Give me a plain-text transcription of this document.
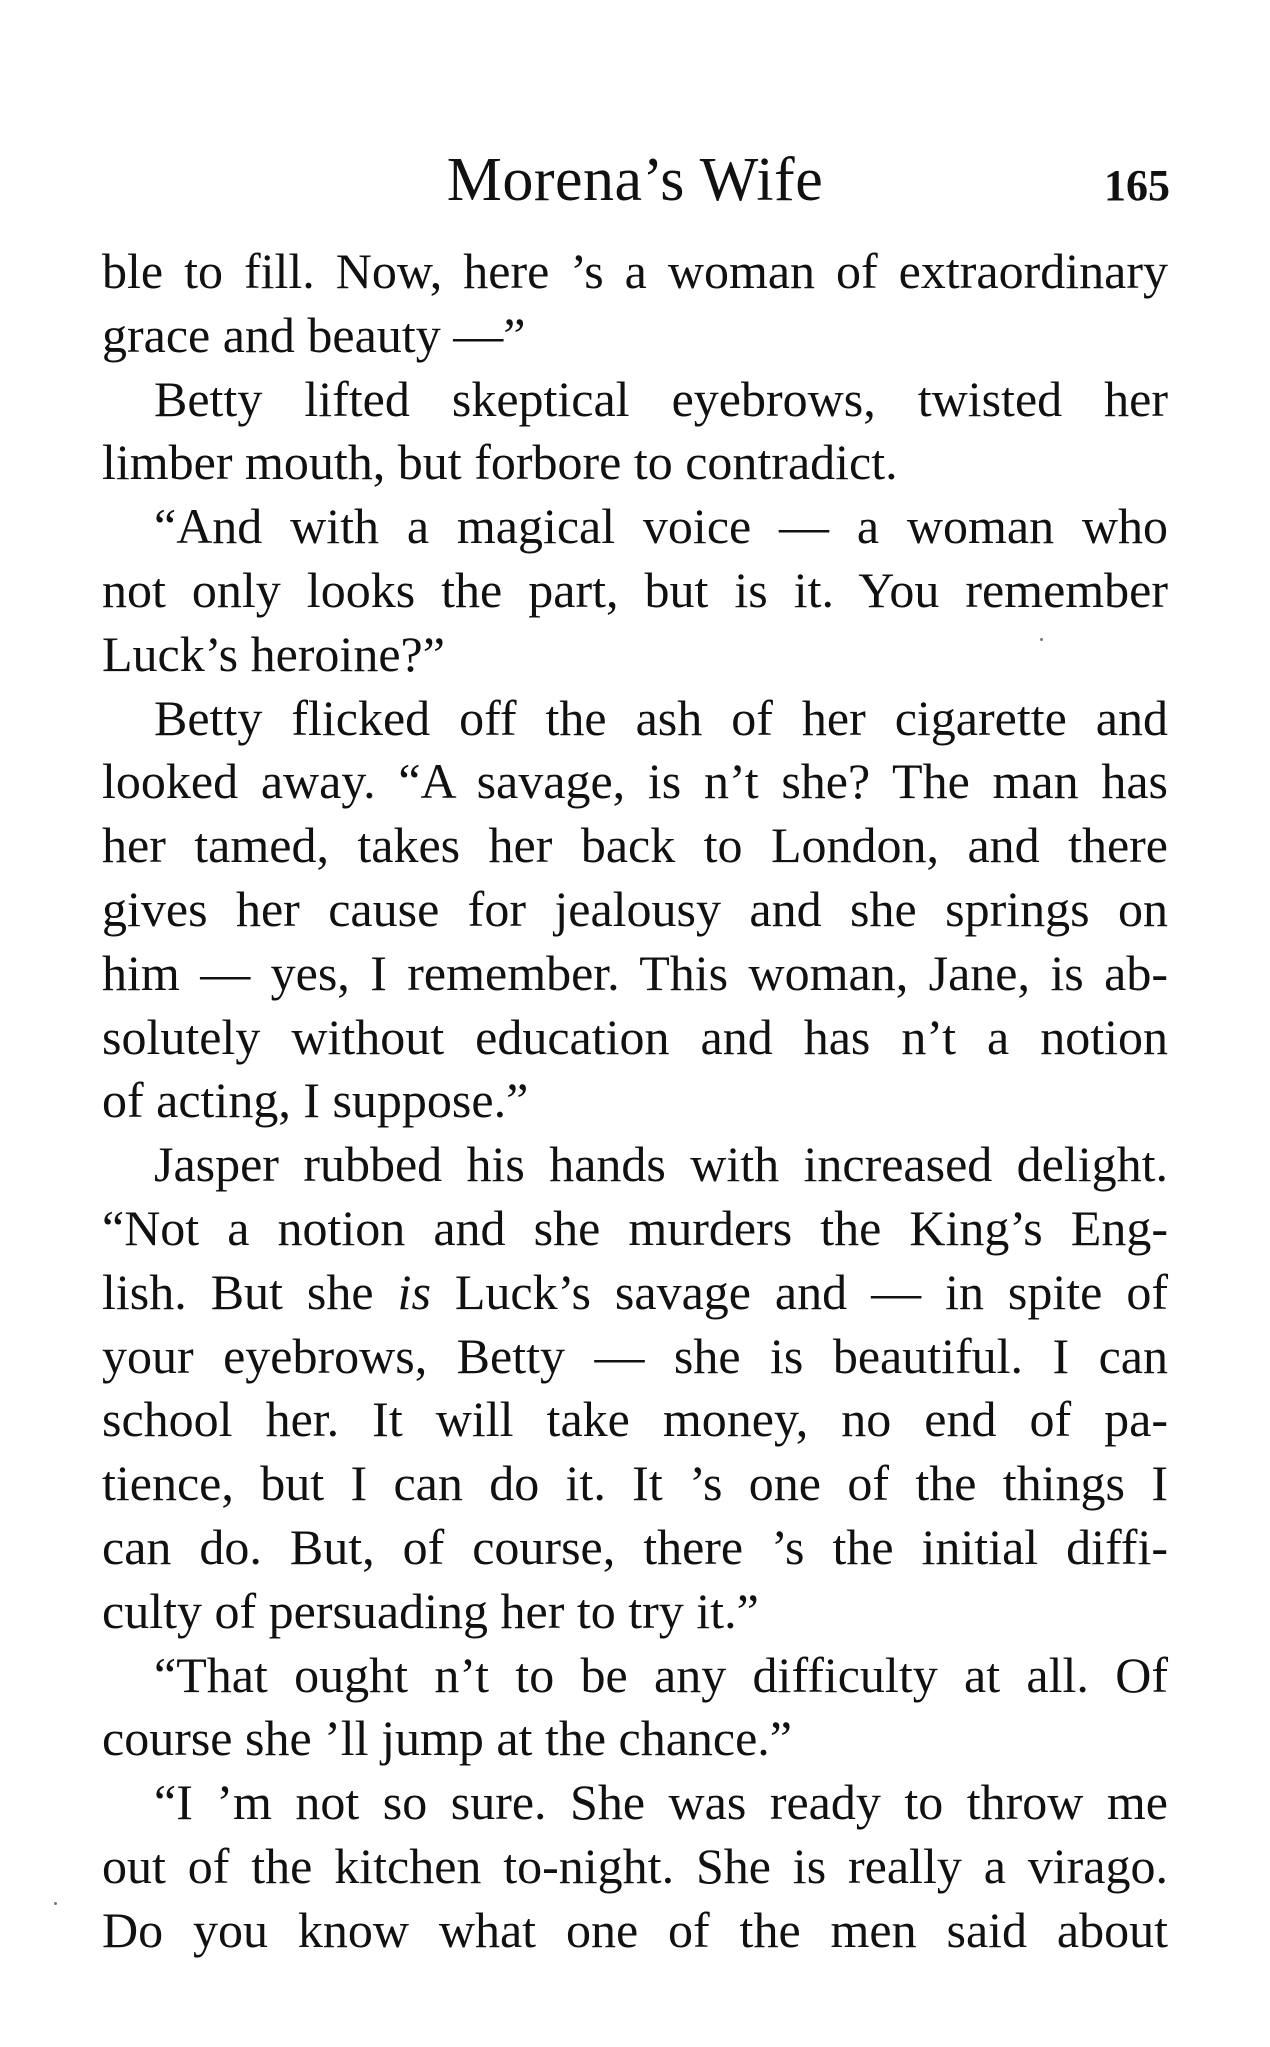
Morena’s Wife	165
ble to fill. Now, here ’s a woman of extraordinary
grace and beauty —”
Betty lifted skeptical eyebrows, twisted her
limber mouth, but forbore to contradict.
“And with a magical voice — a woman who
not only looks the part, but is it. You remember
Luck’s heroine?”
Betty flicked off the ash of her cigarette and
looked away. “A savage, is n’t she? The man has
her tamed, takes her back to London, and there
gives her cause for jealousy and she springs on
him — yes, I remember. This woman, Jane, is ab-
solutely without education and has n’t a notion
of acting, I suppose.”
Jasper rubbed his hands with increased delight.
“Not a notion and she murders the King’s Eng-
lish. But she is Luck’s savage and — in spite of
your eyebrows, Betty — she is beautiful. I can
school her. It will take money, no end of pa-
tience, but I can do it. It ’s one of the things I
can do. But, of course, there ’s the initial diffi-
culty of persuading her to try it.”
“That ought n’t to be any difficulty at all. Of
course she ’ll jump at the chance.”
“I ’m not so sure. She was ready to throw me
out of the kitchen to-night. She is really a virago.
Do you know what one of the men said about
